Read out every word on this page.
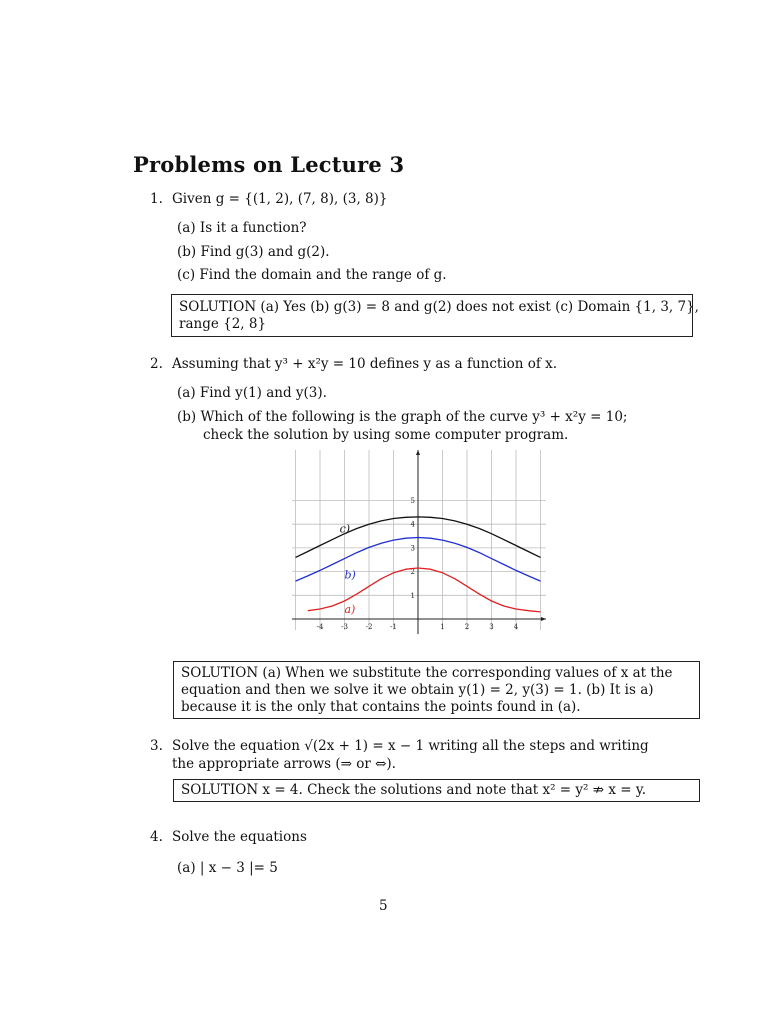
Problems on Lecture 3
1. Given g = {(1, 2), (7, 8), (3, 8)}
(a) Is it a function?
(b) Find g(3) and g(2).
(c) Find the domain and the range of g.
SOLUTION (a) Yes (b) g(3) = 8 and g(2) does not exist (c) Domain {1, 3, 7},
range {2, 8}
2. Assuming that y³ + x²y = 10 defines y as a function of x.
(a) Find y(1) and y(3).
(b) Which of the following is the graph of the curve y³ + x²y = 10;
check the solution by using some computer program.
-4	-3	-2	-1	1	2	3	4
1
2
3
4
5
a)
b)
c)
SOLUTION (a) When we substitute the corresponding values of x at the
equation and then we solve it we obtain y(1) = 2, y(3) = 1. (b) It is a)
because it is the only that contains the points found in (a).
3. Solve the equation √(2x + 1) = x − 1 writing all the steps and writing
the appropriate arrows (⇒ or ⇔).
SOLUTION x = 4. Check the solutions and note that x² = y² ⇏ x = y.
4. Solve the equations
(a) | x − 3 |= 5
5
